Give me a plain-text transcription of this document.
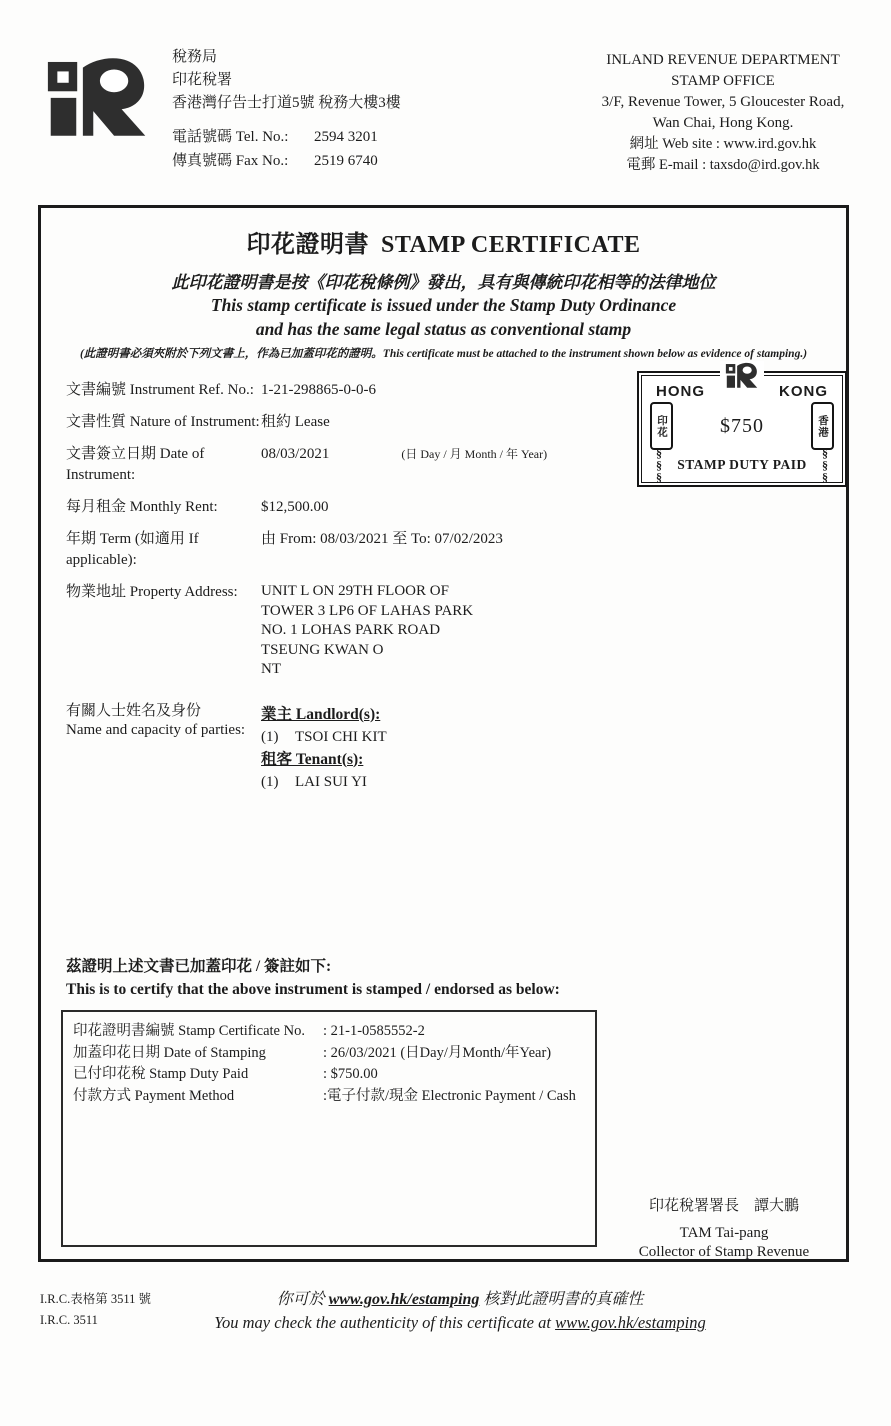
稅務局
印花稅署
香港灣仔告士打道5號 稅務大樓3樓
電話號碼 Tel. No.: 2594 3201
傳真號碼 Fax No.: 2519 6740
INLAND REVENUE DEPARTMENT
STAMP OFFICE
3/F, Revenue Tower, 5 Gloucester Road,
Wan Chai, Hong Kong.
網址 Web site : www.ird.gov.hk
電郵 E-mail : taxsdo@ird.gov.hk
印花證明書 STAMP CERTIFICATE
此印花證明書是按《印花稅條例》發出，具有與傳統印花相等的法律地位
This stamp certificate is issued under the Stamp Duty Ordinance
and has the same legal status as conventional stamp
(此證明書必須夾附於下列文書上，作為已加蓋印花的證明。This certificate must be attached to the instrument shown below as evidence of stamping.)
文書編號 Instrument Ref. No.: 1-21-298865-0-0-6
文書性質 Nature of Instrument: 租約 Lease
文書簽立日期 Date of Instrument:
08/03/2021	(日 Day / 月 Month / 年 Year)
每月租金 Monthly Rent:	$12,500.00
年期 Term (如適用 If applicable):
由 From: 08/03/2021 至 To: 07/02/2023
物業地址 Property Address:	UNIT L ON 29TH FLOOR OF
TOWER 3 LP6 OF LAHAS PARK
NO. 1 LOHAS PARK ROAD
TSEUNG KWAN O
NT
有關人士姓名及身份
Name and capacity of parties:
業主 Landlord(s):
(1) TSOI CHI KIT
租客 Tenant(s):
(1) LAI SUI YI
HONG	KONG
印花	$750	香港
§§§ STAMP DUTY PAID §§§
茲證明上述文書已加蓋印花 / 簽註如下:
This is to certify that the above instrument is stamped / endorsed as below:
印花證明書編號 Stamp Certificate No.	: 21-1-0585552-2
加蓋印花日期 Date of Stamping	: 26/03/2021 (日Day/月Month/年Year)
已付印花稅 Stamp Duty Paid	: $750.00
付款方式 Payment Method	:電子付款/現金 Electronic Payment / Cash
印花稅署署長　譚大鵬
TAM Tai-pang
Collector of Stamp Revenue
I.R.C.表格第 3511 號
I.R.C. 3511
你可於 www.gov.hk/estamping 核對此證明書的真確性
You may check the authenticity of this certificate at www.gov.hk/estamping
